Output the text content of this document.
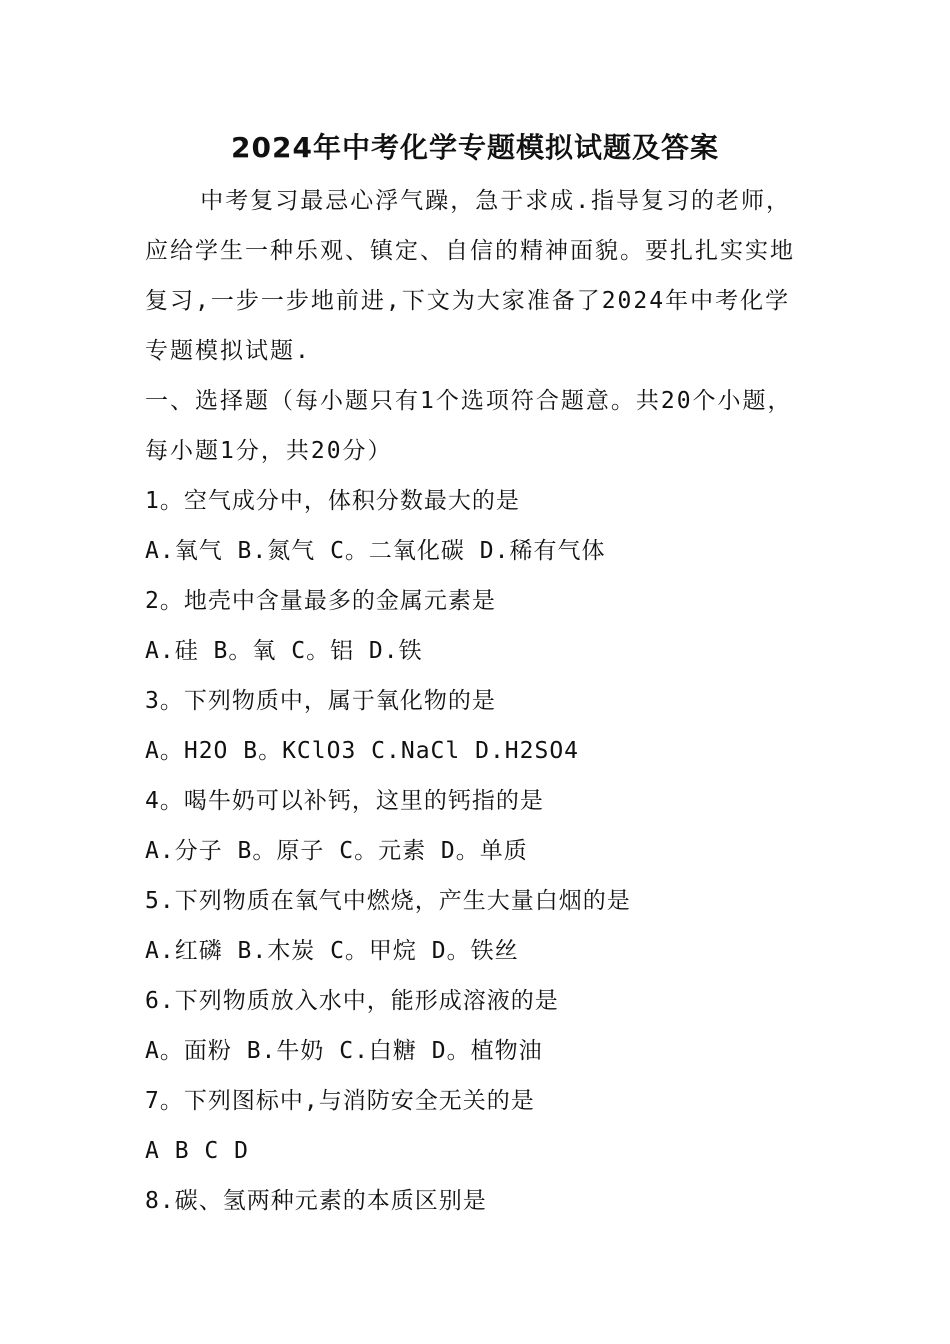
2024年中考化学专题模拟试题及答案

中考复习最忌心浮气躁，急于求成.指导复习的老师，应给学生一种乐观、镇定、自信的精神面貌。要扎扎实实地复习,一步一步地前进,下文为大家准备了2024年中考化学专题模拟试题.

一、选择题（每小题只有1个选项符合题意。共20个小题，每小题1分，共20分）

1。空气成分中，体积分数最大的是

A.氧气 B.氮气 C。二氧化碳 D.稀有气体

2。地壳中含量最多的金属元素是

A.硅 B。氧 C。铝 D.铁

3。下列物质中，属于氧化物的是

A。H2O B。KClO3 C.NaCl D.H2SO4

4。喝牛奶可以补钙，这里的钙指的是

A.分子 B。原子 C。元素 D。单质

5.下列物质在氧气中燃烧，产生大量白烟的是

A.红磷 B.木炭 C。甲烷 D。铁丝

6.下列物质放入水中，能形成溶液的是

A。面粉 B.牛奶 C.白糖 D。植物油

7。下列图标中,与消防安全无关的是

A B C D

8.碳、氢两种元素的本质区别是
